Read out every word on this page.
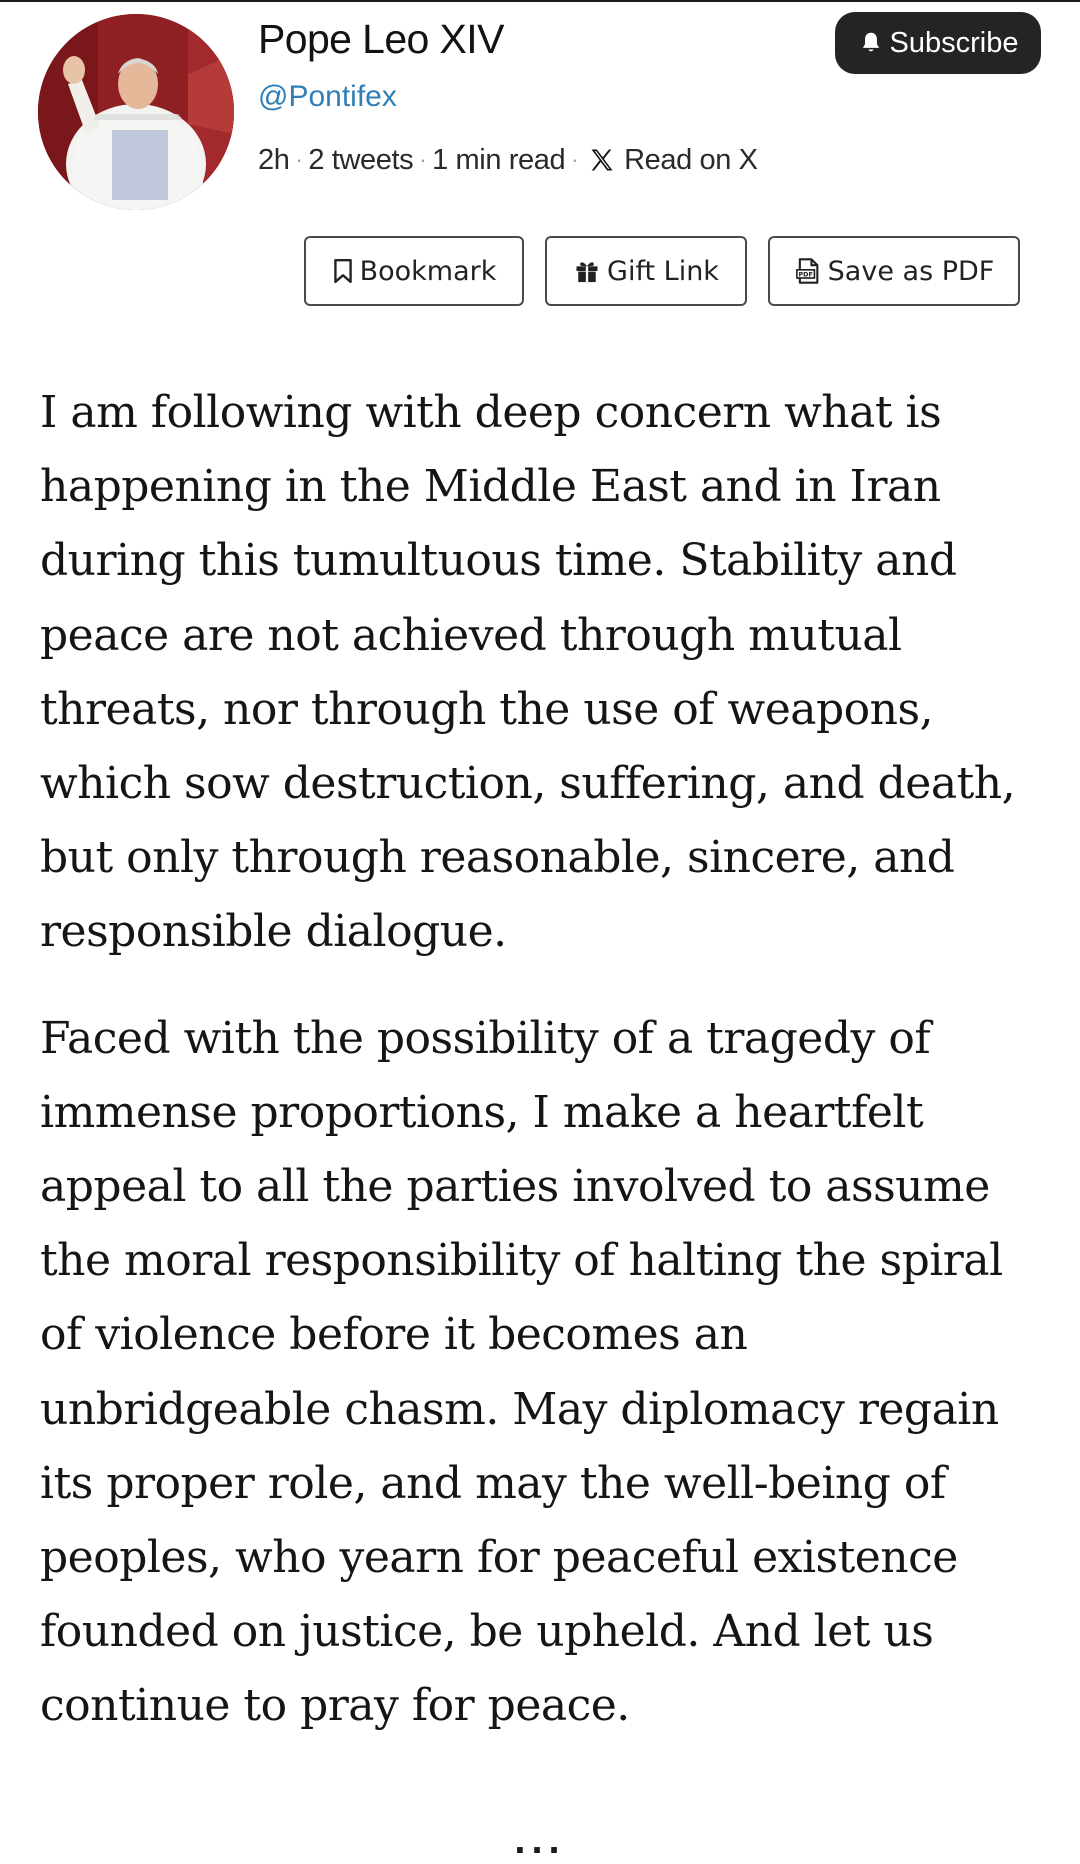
Pope Leo XIV
@Pontifex
2h · 2 tweets · 1 min read · Read on X
Subscribe
Bookmark	Gift Link	PDF Save as PDF

I am following with deep concern what is happening in the Middle East and in Iran during this tumultuous time. Stability and peace are not achieved through mutual threats, nor through the use of weapons, which sow destruction, suffering, and death, but only through reasonable, sincere, and responsible dialogue.

Faced with the possibility of a tragedy of immense proportions, I make a heartfelt appeal to all the parties involved to assume the moral responsibility of halting the spiral of violence before it becomes an unbridgeable chasm. May diplomacy regain its proper role, and may the well-being of peoples, who yearn for peaceful existence founded on justice, be upheld. And let us continue to pray for peace.

...
